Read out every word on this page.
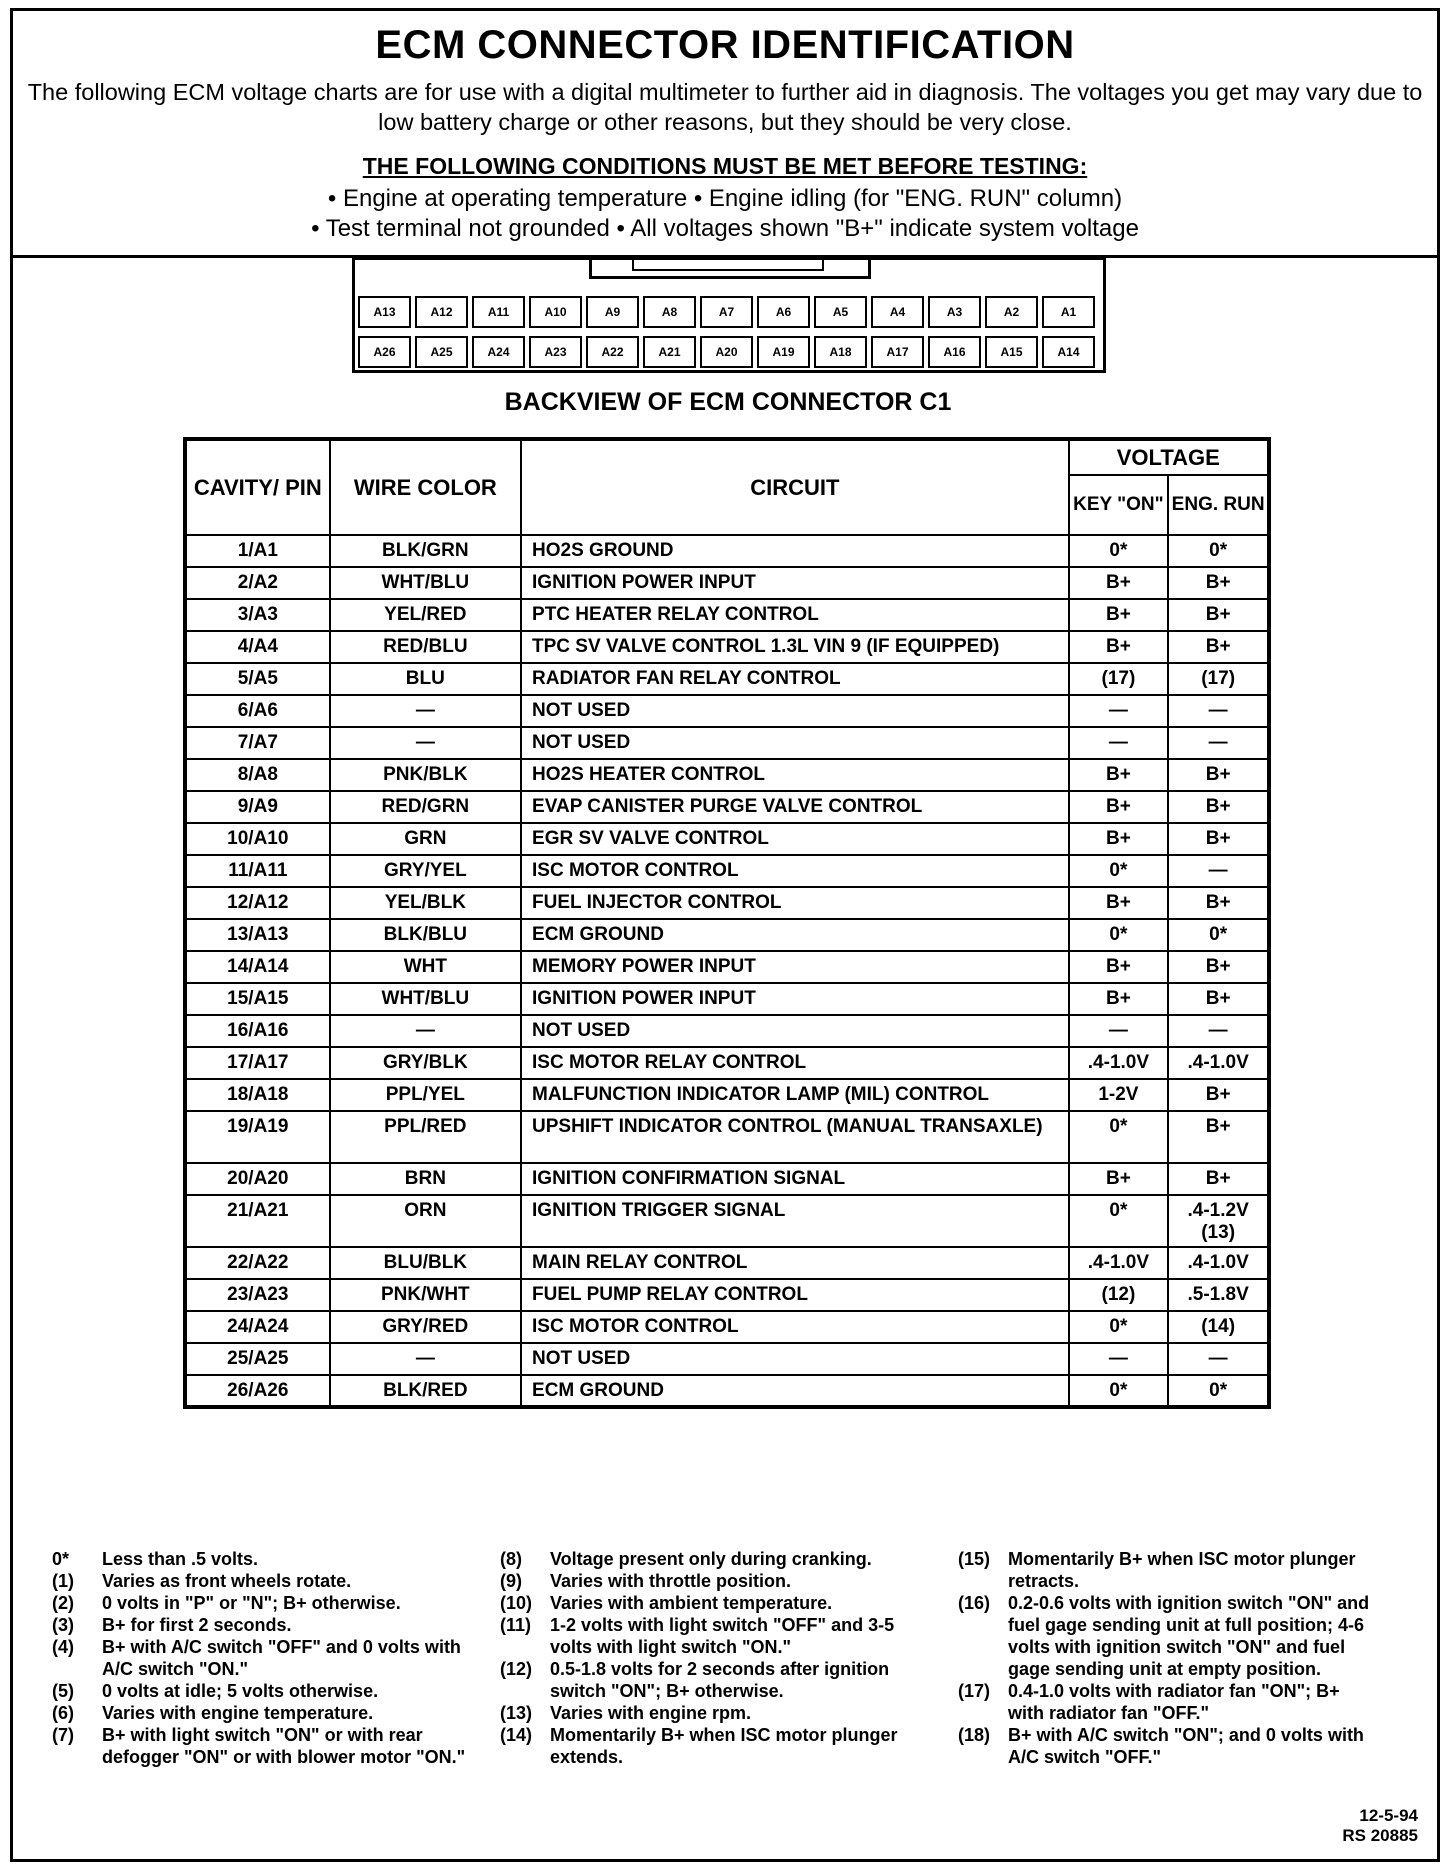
ECM CONNECTOR IDENTIFICATION
The following ECM voltage charts are for use with a digital multimeter to further aid in diagnosis. The voltages you get may vary due to low battery charge or other reasons, but they should be very close.
THE FOLLOWING CONDITIONS MUST BE MET BEFORE TESTING:
• Engine at operating temperature • Engine idling (for "ENG. RUN" column)
• Test terminal not grounded • All voltages shown "B+" indicate system voltage
A13	A12	A11	A10	A9	A8	A7	A6	A5	A4	A3	A2	A1
A26	A25	A24	A23	A22	A21	A20	A19	A18	A17	A16	A15	A14
BACKVIEW OF ECM CONNECTOR C1
CAVITY/ PIN	WIRE COLOR	CIRCUIT	VOLTAGE	
			KEY "ON"	ENG. RUN
1/A1	BLK/GRN	HO2S GROUND	0*	0*
2/A2	WHT/BLU	IGNITION POWER INPUT	B+	B+
3/A3	YEL/RED	PTC HEATER RELAY CONTROL	B+	B+
4/A4	RED/BLU	TPC SV VALVE CONTROL 1.3L VIN 9 (IF EQUIPPED)	B+	B+
5/A5	BLU	RADIATOR FAN RELAY CONTROL	(17)	(17)
6/A6	—	NOT USED	—	—
7/A7	—	NOT USED	—	—
8/A8	PNK/BLK	HO2S HEATER CONTROL	B+	B+
9/A9	RED/GRN	EVAP CANISTER PURGE VALVE CONTROL	B+	B+
10/A10	GRN	EGR SV VALVE CONTROL	B+	B+
11/A11	GRY/YEL	ISC MOTOR CONTROL	0*	—
12/A12	YEL/BLK	FUEL INJECTOR CONTROL	B+	B+
13/A13	BLK/BLU	ECM GROUND	0*	0*
14/A14	WHT	MEMORY POWER INPUT	B+	B+
15/A15	WHT/BLU	IGNITION POWER INPUT	B+	B+
16/A16	—	NOT USED	—	—
17/A17	GRY/BLK	ISC MOTOR RELAY CONTROL	.4-1.0V	.4-1.0V
18/A18	PPL/YEL	MALFUNCTION INDICATOR LAMP (MIL) CONTROL	1-2V	B+
19/A19	PPL/RED	UPSHIFT INDICATOR CONTROL (MANUAL TRANSAXLE)	0*	B+
20/A20	BRN	IGNITION CONFIRMATION SIGNAL	B+	B+
21/A21	ORN	IGNITION TRIGGER SIGNAL	0*	.4-1.2V (13)
22/A22	BLU/BLK	MAIN RELAY CONTROL	.4-1.0V	.4-1.0V
23/A23	PNK/WHT	FUEL PUMP RELAY CONTROL	(12)	.5-1.8V
24/A24	GRY/RED	ISC MOTOR CONTROL	0*	(14)
25/A25	—	NOT USED	—	—
26/A26	BLK/RED	ECM GROUND	0*	0*
0*	Less than .5 volts.
(1)	Varies as front wheels rotate.
(2)	0 volts in "P" or "N"; B+ otherwise.
(3)	B+ for first 2 seconds.
(4)	B+ with A/C switch "OFF" and 0 volts with A/C switch "ON."
(5)	0 volts at idle; 5 volts otherwise.
(6)	Varies with engine temperature.
(7)	B+ with light switch "ON" or with rear defogger "ON" or with blower motor "ON."
(8)	Voltage present only during cranking.
(9)	Varies with throttle position.
(10) Varies with ambient temperature.
(11)	1-2 volts with light switch "OFF" and 3-5 volts with light switch "ON."
(12) 0.5-1.8 volts for 2 seconds after ignition switch "ON"; B+ otherwise.
(13) Varies with engine rpm.
(14) Momentarily B+ when ISC motor plunger extends.
(15) Momentarily B+ when ISC motor plunger retracts.
(16) 0.2-0.6 volts with ignition switch "ON" and fuel gage sending unit at full position; 4-6 volts with ignition switch "ON" and fuel gage sending unit at empty position.
(17) 0.4-1.0 volts with radiator fan "ON"; B+ with radiator fan "OFF."
(18) B+ with A/C switch "ON"; and 0 volts with A/C switch "OFF."
12-5-94
RS 20885
